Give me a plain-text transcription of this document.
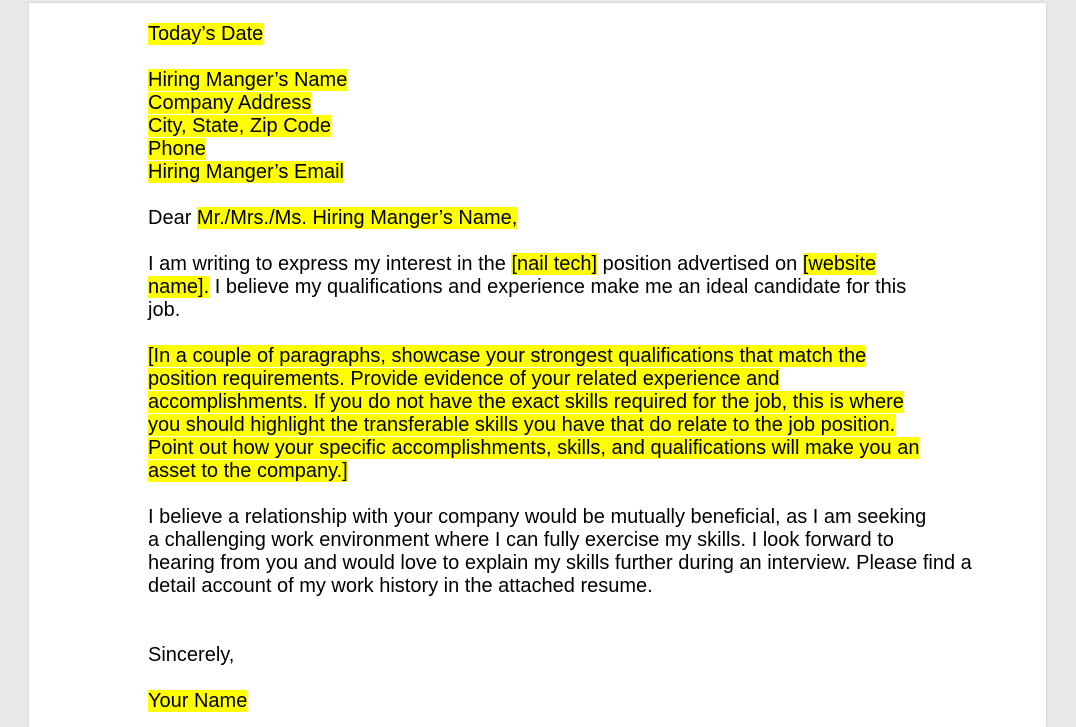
Today’s Date
Hiring Manger’s Name
Company Address
City, State, Zip Code
Phone
Hiring Manger’s Email
Dear Mr./Mrs./Ms. Hiring Manger’s Name,
I am writing to express my interest in the [nail tech] position advertised on [website
name]. I believe my qualifications and experience make me an ideal candidate for this
job.
[In a couple of paragraphs, showcase your strongest qualifications that match the
position requirements. Provide evidence of your related experience and
accomplishments. If you do not have the exact skills required for the job, this is where
you should highlight the transferable skills you have that do relate to the job position.
Point out how your specific accomplishments, skills, and qualifications will make you an
asset to the company.]
I believe a relationship with your company would be mutually beneficial, as I am seeking
a challenging work environment where I can fully exercise my skills. I look forward to
hearing from you and would love to explain my skills further during an interview. Please find a
detail account of my work history in the attached resume.
Sincerely,
Your Name
